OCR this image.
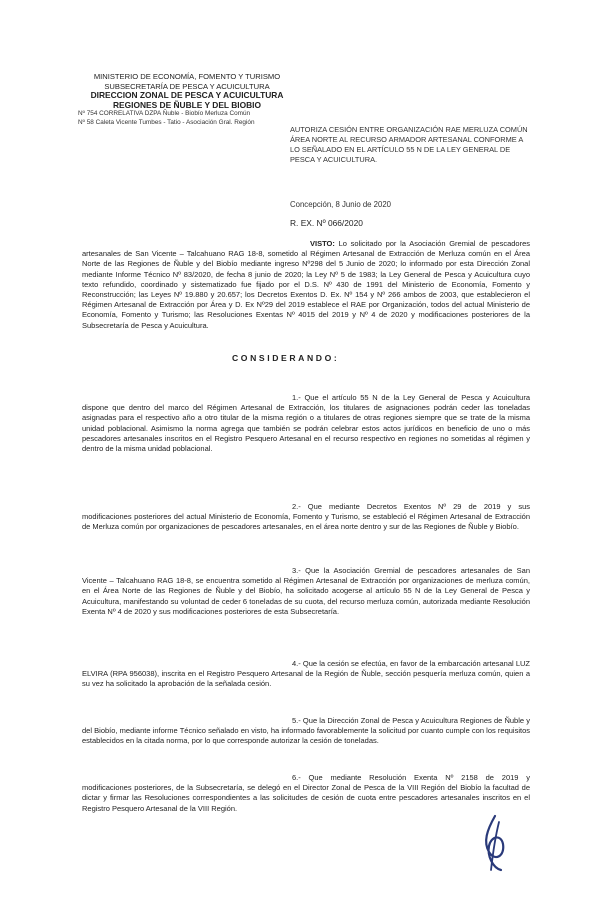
MINISTERIO DE ECONOMÍA, FOMENTO Y TURISMO
SUBSECRETARÍA DE PESCA Y ACUICULTURA
DIRECCION ZONAL DE PESCA Y ACUICULTURA
REGIONES DE ÑUBLE Y DEL BIOBIO
Nº 754 CORRELATIVA DZPA Ñuble - Biobío Merluza Común
Nº 58 Caleta Vicente Tumbes - Tatio - Asociación Gral. Región
AUTORIZA CESIÓN ENTRE ORGANIZACIÓN RAE MERLUZA COMÚN ÁREA NORTE AL RECURSO ARMADOR ARTESANAL CONFORME A LO SEÑALADO EN EL ARTÍCULO 55 N DE LA LEY GENERAL DE PESCA Y ACUICULTURA.
Concepción, 8 Junio de 2020
R. EX. Nº 066/2020
VISTO: Lo solicitado por la Asociación Gremial de pescadores artesanales de San Vicente – Talcahuano RAG 18-8, sometido al Régimen Artesanal de Extracción de Merluza común en el Área Norte de las Regiones de Ñuble y del Biobío mediante ingreso Nº298 del 5 Junio de 2020; lo informado por esta Dirección Zonal mediante Informe Técnico Nº 83/2020, de fecha 8 junio de 2020; la Ley Nº 5 de 1983; la Ley General de Pesca y Acuicultura cuyo texto refundido, coordinado y sistematizado fue fijado por el D.S. Nº 430 de 1991 del Ministerio de Economía, Fomento y Reconstrucción; las Leyes Nº 19.880 y 20.657; los Decretos Exentos D. Ex. Nº 154 y Nº 266 ambos de 2003, que establecieron el Régimen Artesanal de Extracción por Área y D. Ex Nº29 del 2019 establece el RAE por Organización, todos del actual Ministerio de Economía, Fomento y Turismo; las Resoluciones Exentas Nº 4015 del 2019 y Nº 4 de 2020 y modificaciones posteriores de la Subsecretaría de Pesca y Acuicultura.
CONSIDERANDO:
1.- Que el artículo 55 N de la Ley General de Pesca y Acuicultura dispone que dentro del marco del Régimen Artesanal de Extracción, los titulares de asignaciones podrán ceder las toneladas asignadas para el respectivo año a otro titular de la misma región o a titulares de otras regiones siempre que se trate de la misma unidad poblacional. Asimismo la norma agrega que también se podrán celebrar estos actos jurídicos en beneficio de uno o más pescadores artesanales inscritos en el Registro Pesquero Artesanal en el recurso respectivo en regiones no sometidas al régimen y dentro de la misma unidad poblacional.
2.- Que mediante Decretos Exentos Nº 29 de 2019 y sus modificaciones posteriores del actual Ministerio de Economía, Fomento y Turismo, se estableció el Régimen Artesanal de Extracción de Merluza común por organizaciones de pescadores artesanales, en el área norte dentro y sur de las Regiones de Ñuble y Biobío.
3.- Que la Asociación Gremial de pescadores artesanales de San Vicente – Talcahuano RAG 18-8, se encuentra sometido al Régimen Artesanal de Extracción por organizaciones de merluza común, en el Área Norte de las Regiones de Ñuble y del Biobío, ha solicitado acogerse al artículo 55 N de la Ley General de Pesca y Acuicultura, manifestando su voluntad de ceder 6 toneladas de su cuota, del recurso merluza común, autorizada mediante Resolución Exenta Nº 4 de 2020 y sus modificaciones posteriores de esta Subsecretaría.
4.- Que la cesión se efectúa, en favor de la embarcación artesanal LUZ ELVIRA (RPA 956038), inscrita en el Registro Pesquero Artesanal de la Región de Ñuble, sección pesquería merluza común, quien a su vez ha solicitado la aprobación de la señalada cesión.
5.- Que la Dirección Zonal de Pesca y Acuicultura Regiones de Ñuble y del Biobío, mediante informe Técnico señalado en visto, ha informado favorablemente la solicitud por cuanto cumple con los requisitos establecidos en la citada norma, por lo que corresponde autorizar la cesión de toneladas.
6.- Que mediante Resolución Exenta Nº 2158 de 2019 y modificaciones posteriores, de la Subsecretaría, se delegó en el Director Zonal de Pesca de la VIII Región del Biobío la facultad de dictar y firmar las Resoluciones correspondientes a las solicitudes de cesión de cuota entre pescadores artesanales inscritos en el Registro Pesquero Artesanal de la VIII Región.
